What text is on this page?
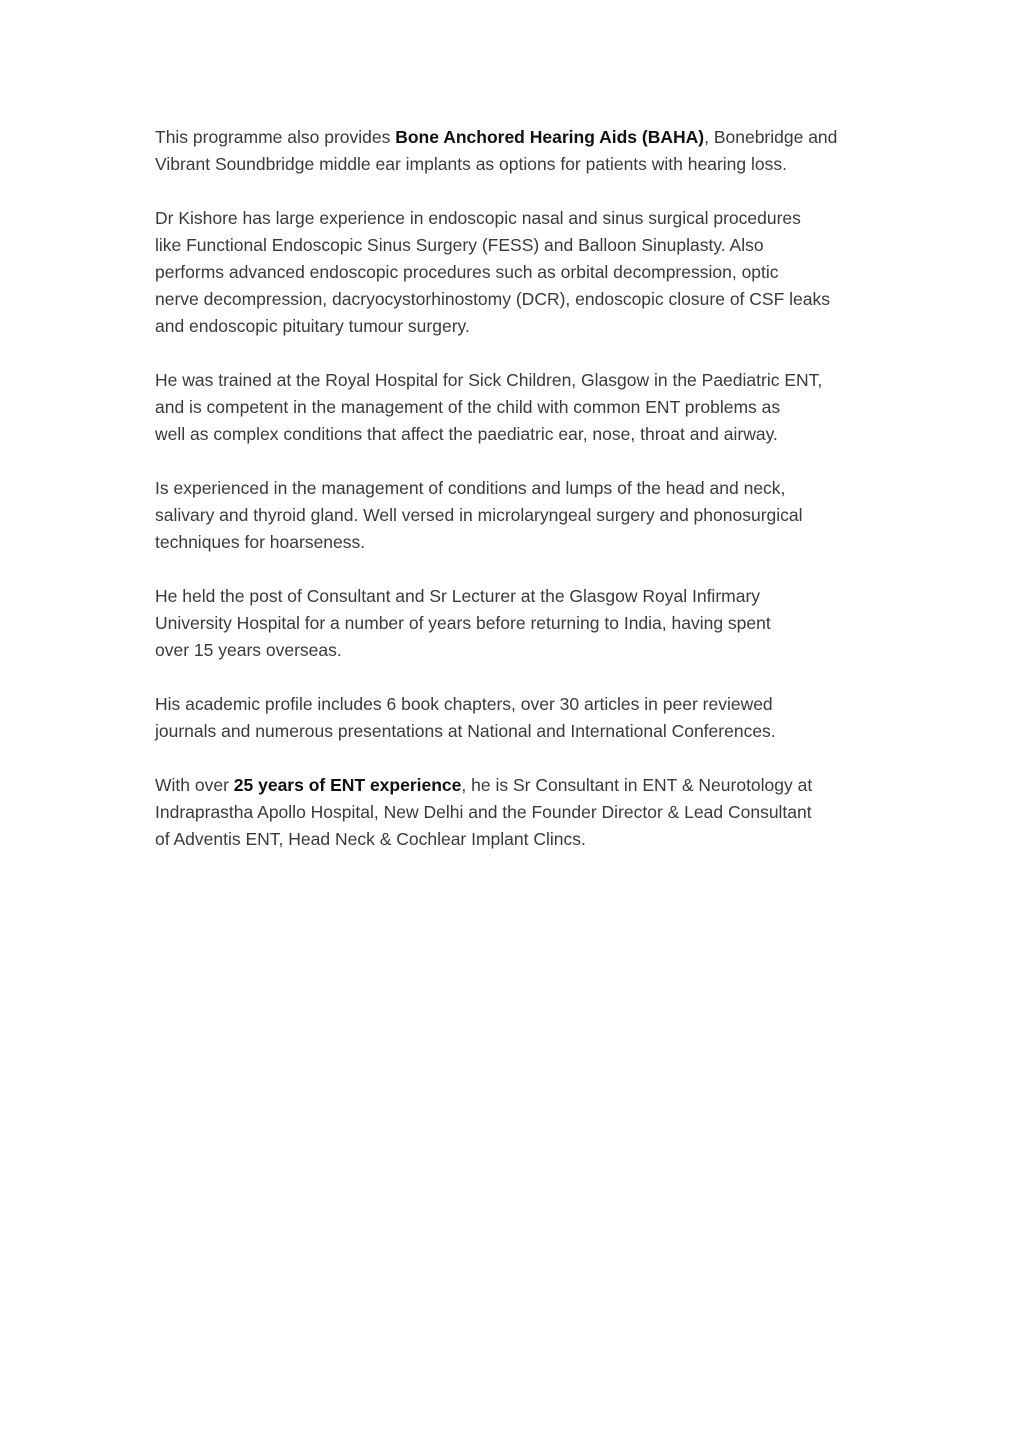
This programme also provides Bone Anchored Hearing Aids (BAHA), Bonebridge and
Vibrant Soundbridge middle ear implants as options for patients with hearing loss.

Dr Kishore has large experience in endoscopic nasal and sinus surgical procedures
like Functional Endoscopic Sinus Surgery (FESS) and Balloon Sinuplasty. Also
performs advanced endoscopic procedures such as orbital decompression, optic
nerve decompression, dacryocystorhinostomy (DCR), endoscopic closure of CSF leaks
and endoscopic pituitary tumour surgery.

He was trained at the Royal Hospital for Sick Children, Glasgow in the Paediatric ENT,
and is competent in the management of the child with common ENT problems as
well as complex conditions that affect the paediatric ear, nose, throat and airway.

Is experienced in the management of conditions and lumps of the head and neck,
salivary and thyroid gland. Well versed in microlaryngeal surgery and phonosurgical
techniques for hoarseness.

He held the post of Consultant and Sr Lecturer at the Glasgow Royal Infirmary
University Hospital for a number of years before returning to India, having spent
over 15 years overseas.

His academic profile includes 6 book chapters, over 30 articles in peer reviewed
journals and numerous presentations at National and International Conferences.

With over 25 years of ENT experience, he is Sr Consultant in ENT & Neurotology at
Indraprastha Apollo Hospital, New Delhi and the Founder Director & Lead Consultant
of Adventis ENT, Head Neck & Cochlear Implant Clincs.
